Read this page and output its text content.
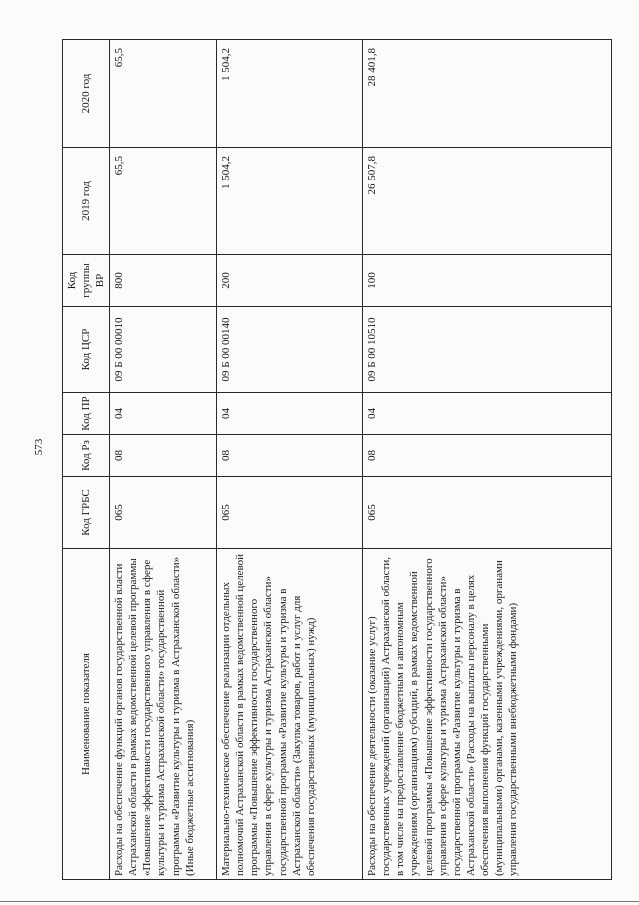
573
Наименование показателя	Код ГРБС	Код Рз	Код ПР	Код ЦСР	Код группы ВР	2019 год	2020 год
Расходы на обеспечение функций органов государственной власти Астраханской области в рамках ведомственной целевой программы «Повышение эффективности государственного управления в сфере культуры и туризма Астраханской области» государственной программы «Развитие культуры и туризма в Астраханской области» (Иные бюджетные ассигнования)	065	08	04	09 Б 00 00010	800	65,5	65,5
Материально-техническое обеспечение реализации отдельных полномочий Астраханской области в рамках ведомственной целевой программы «Повышение эффективности государственного управления в сфере культуры и туризма Астраханской области» государственной программы «Развитие культуры и туризма в Астраханской области» (Закупка товаров, работ и услуг для обеспечения государственных (муниципальных) нужд)	065	08	04	09 Б 00 00140	200	1 504,2	1 504,2
Расходы на обеспечение деятельности (оказание услуг) государственных учреждений (организаций) Астраханской области, в том числе на предоставление бюджетным и автономным учреждениям (организациям) субсидий, в рамках ведомственной целевой программы «Повышение эффективности государственного управления в сфере культуры и туризма Астраханской области» государственной программы «Развитие культуры и туризма в Астраханской области» (Расходы на выплаты персоналу в целях обеспечения выполнения функций государственными (муниципальными) органами, казенными учреждениями, органами управления государственными внебюджетными фондами)	065	08	04	09 Б 00 10510	100	26 507,8	28 401,8
